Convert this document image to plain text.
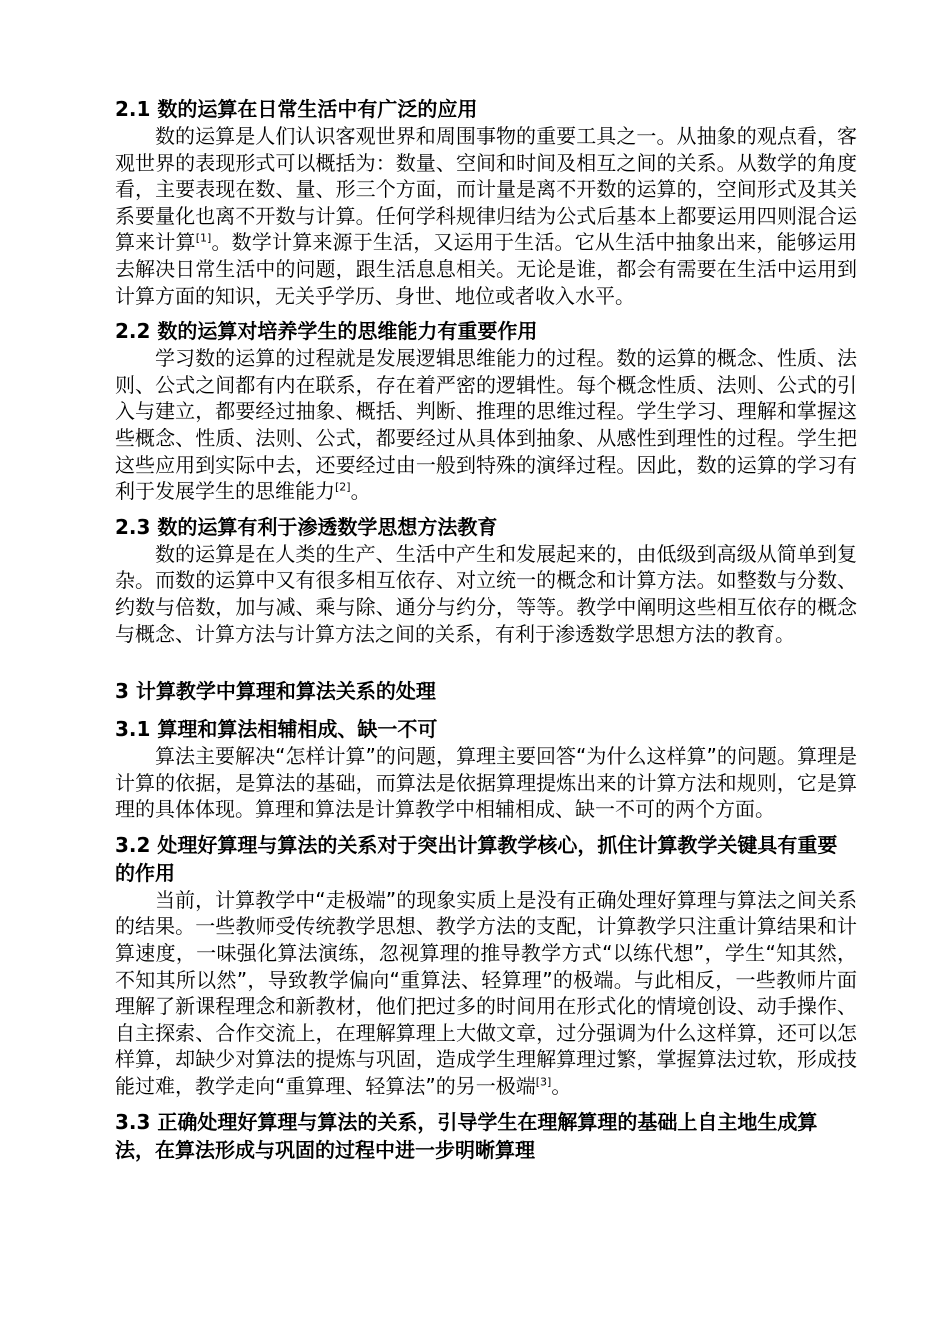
2.1 数的运算在日常生活中有广泛的应用

数的运算是人们认识客观世界和周围事物的重要工具之一。从抽象的观点看，客观世界的表现形式可以概括为：数量、空间和时间及相互之间的关系。从数学的角度看，主要表现在数、量、形三个方面，而计量是离不开数的运算的，空间形式及其关系要量化也离不开数与计算。任何学科规律归结为公式后基本上都要运用四则混合运算来计算[1]。数学计算来源于生活，又运用于生活。它从生活中抽象出来，能够运用去解决日常生活中的问题，跟生活息息相关。无论是谁，都会有需要在生活中运用到计算方面的知识，无关乎学历、身世、地位或者收入水平。

2.2 数的运算对培养学生的思维能力有重要作用

学习数的运算的过程就是发展逻辑思维能力的过程。数的运算的概念、性质、法则、公式之间都有内在联系，存在着严密的逻辑性。每个概念性质、法则、公式的引入与建立，都要经过抽象、概括、判断、推理的思维过程。学生学习、理解和掌握这些概念、性质、法则、公式，都要经过从具体到抽象、从感性到理性的过程。学生把这些应用到实际中去，还要经过由一般到特殊的演绎过程。因此，数的运算的学习有利于发展学生的思维能力[2]。

2.3 数的运算有利于渗透数学思想方法教育

数的运算是在人类的生产、生活中产生和发展起来的，由低级到高级从简单到复杂。而数的运算中又有很多相互依存、对立统一的概念和计算方法。如整数与分数、约数与倍数，加与减、乘与除、通分与约分，等等。教学中阐明这些相互依存的概念与概念、计算方法与计算方法之间的关系，有利于渗透数学思想方法的教育。

3 计算教学中算理和算法关系的处理
3.1 算理和算法相辅相成、缺一不可

算法主要解决“怎样计算”的问题，算理主要回答“为什么这样算”的问题。算理是计算的依据，是算法的基础，而算法是依据算理提炼出来的计算方法和规则，它是算理的具体体现。算理和算法是计算教学中相辅相成、缺一不可的两个方面。

3.2 处理好算理与算法的关系对于突出计算教学核心，抓住计算教学关键具有重要的作用

当前，计算教学中“走极端”的现象实质上是没有正确处理好算理与算法之间关系的结果。一些教师受传统教学思想、教学方法的支配，计算教学只注重计算结果和计算速度，一味强化算法演练，忽视算理的推导教学方式“以练代想”，学生“知其然，不知其所以然”，导致教学偏向“重算法、轻算理”的极端。与此相反，一些教师片面理解了新课程理念和新教材，他们把过多的时间用在形式化的情境创设、动手操作、自主探索、合作交流上，在理解算理上大做文章，过分强调为什么这样算，还可以怎样算，却缺少对算法的提炼与巩固，造成学生理解算理过繁，掌握算法过软，形成技能过难，教学走向“重算理、轻算法”的另一极端[3]。

3.3 正确处理好算理与算法的关系，引导学生在理解算理的基础上自主地生成算法，在算法形成与巩固的过程中进一步明晰算理
